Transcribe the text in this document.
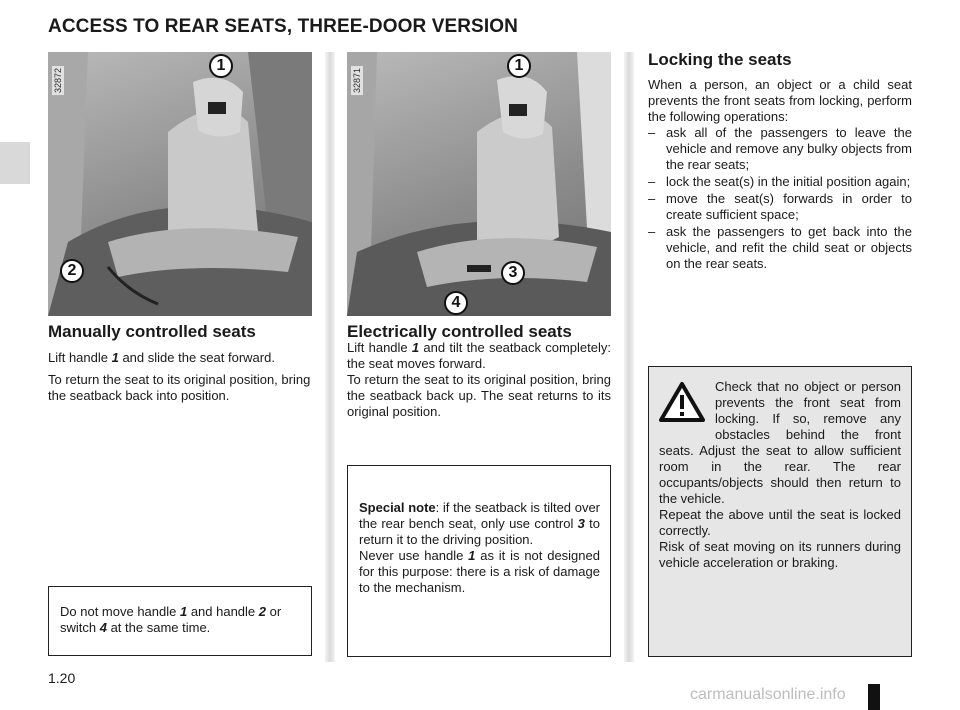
ACCESS TO REAR SEATS, THREE-DOOR VERSION
32872
1
2
32871
1
3
4
Manually controlled seats

Lift handle 1 and slide the seat forward.

To return the seat to its original position, bring the seatback back into position.

Do not move handle 1 and handle 2 or switch 4 at the same time.
Electrically controlled seats
Lift handle 1 and tilt the seatback completely: the seat moves forward.
To return the seat to its original position, bring the seatback back up. The seat returns to its original position.
Special note: if the seatback is tilted over the rear bench seat, only use control 3 to return it to the driving position.
Never use handle 1 as it is not designed for this purpose: there is a risk of damage to the mechanism.
Locking the seats
When a person, an object or a child seat prevents the front seats from locking, perform the following operations:
– ask all of the passengers to leave the vehicle and remove any bulky objects from the rear seats;
– lock the seat(s) in the initial position again;
– move the seat(s) forwards in order to create sufficient space;
– ask the passengers to get back into the vehicle, and refit the child seat or objects on the rear seats.
Check that no object or person prevents the front seat from locking. If so, remove any obstacles behind the front seats. Adjust the seat to allow sufficient room in the rear. The rear occupants/objects should then return to the vehicle.
Repeat the above until the seat is locked correctly.
Risk of seat moving on its runners during vehicle acceleration or braking.
1.20
carmanualsonline.info
